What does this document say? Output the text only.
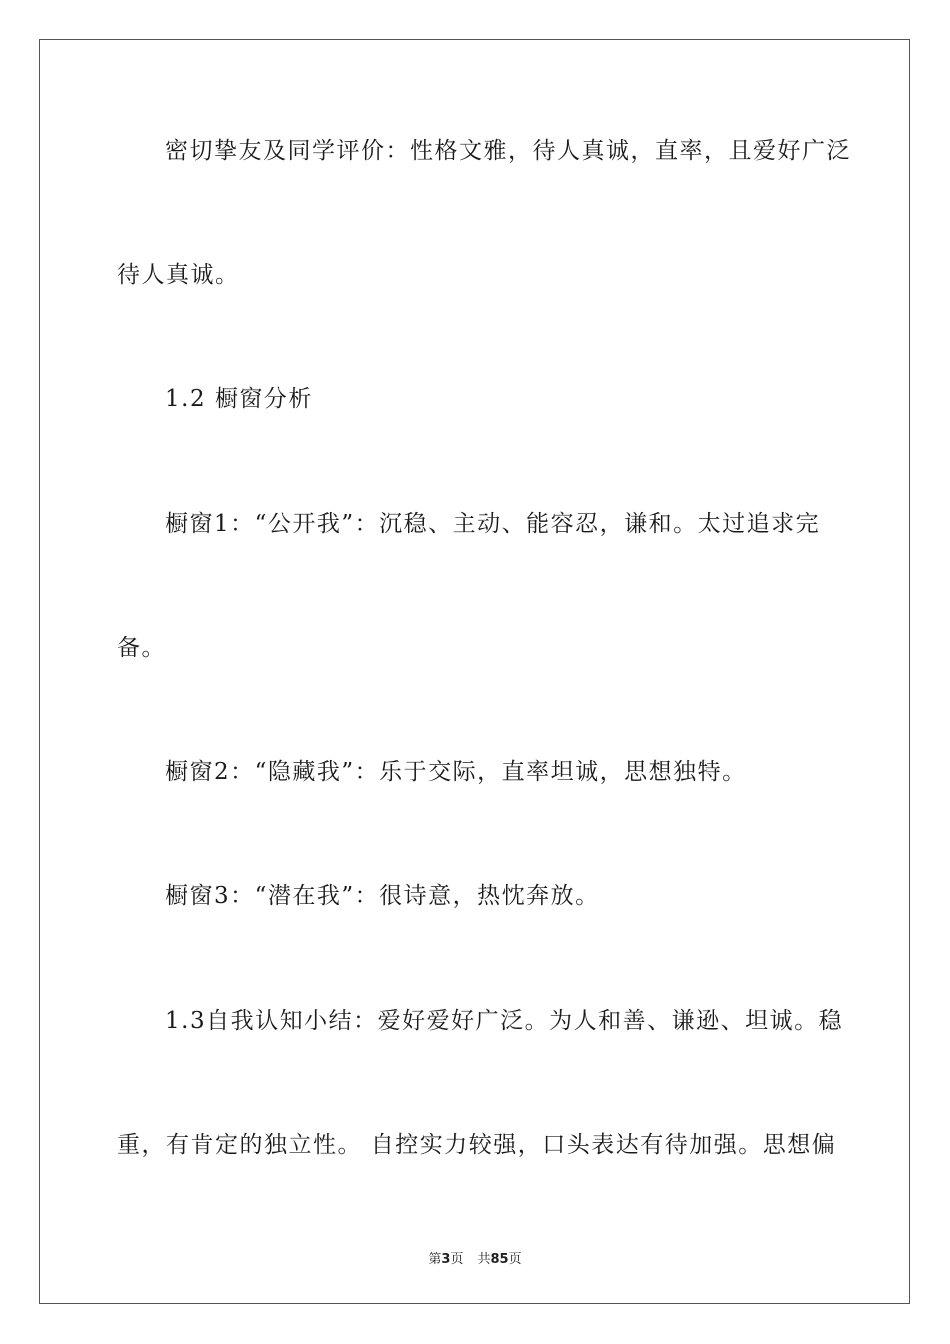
密切挚友及同学评价：性格文雅，待人真诚，直率，且爱好广泛
待人真诚。
1.2 橱窗分析
橱窗1：“公开我”：沉稳、主动、能容忍，谦和。太过追求完
备。
橱窗2：“隐藏我”：乐于交际，直率坦诚，思想独特。
橱窗3：“潜在我”：很诗意，热忱奔放。
1.3自我认知小结：爱好爱好广泛。为人和善、谦逊、坦诚。稳
重，有肯定的独立性。 自控实力较强，口头表达有待加强。思想偏
第3页 共85页
